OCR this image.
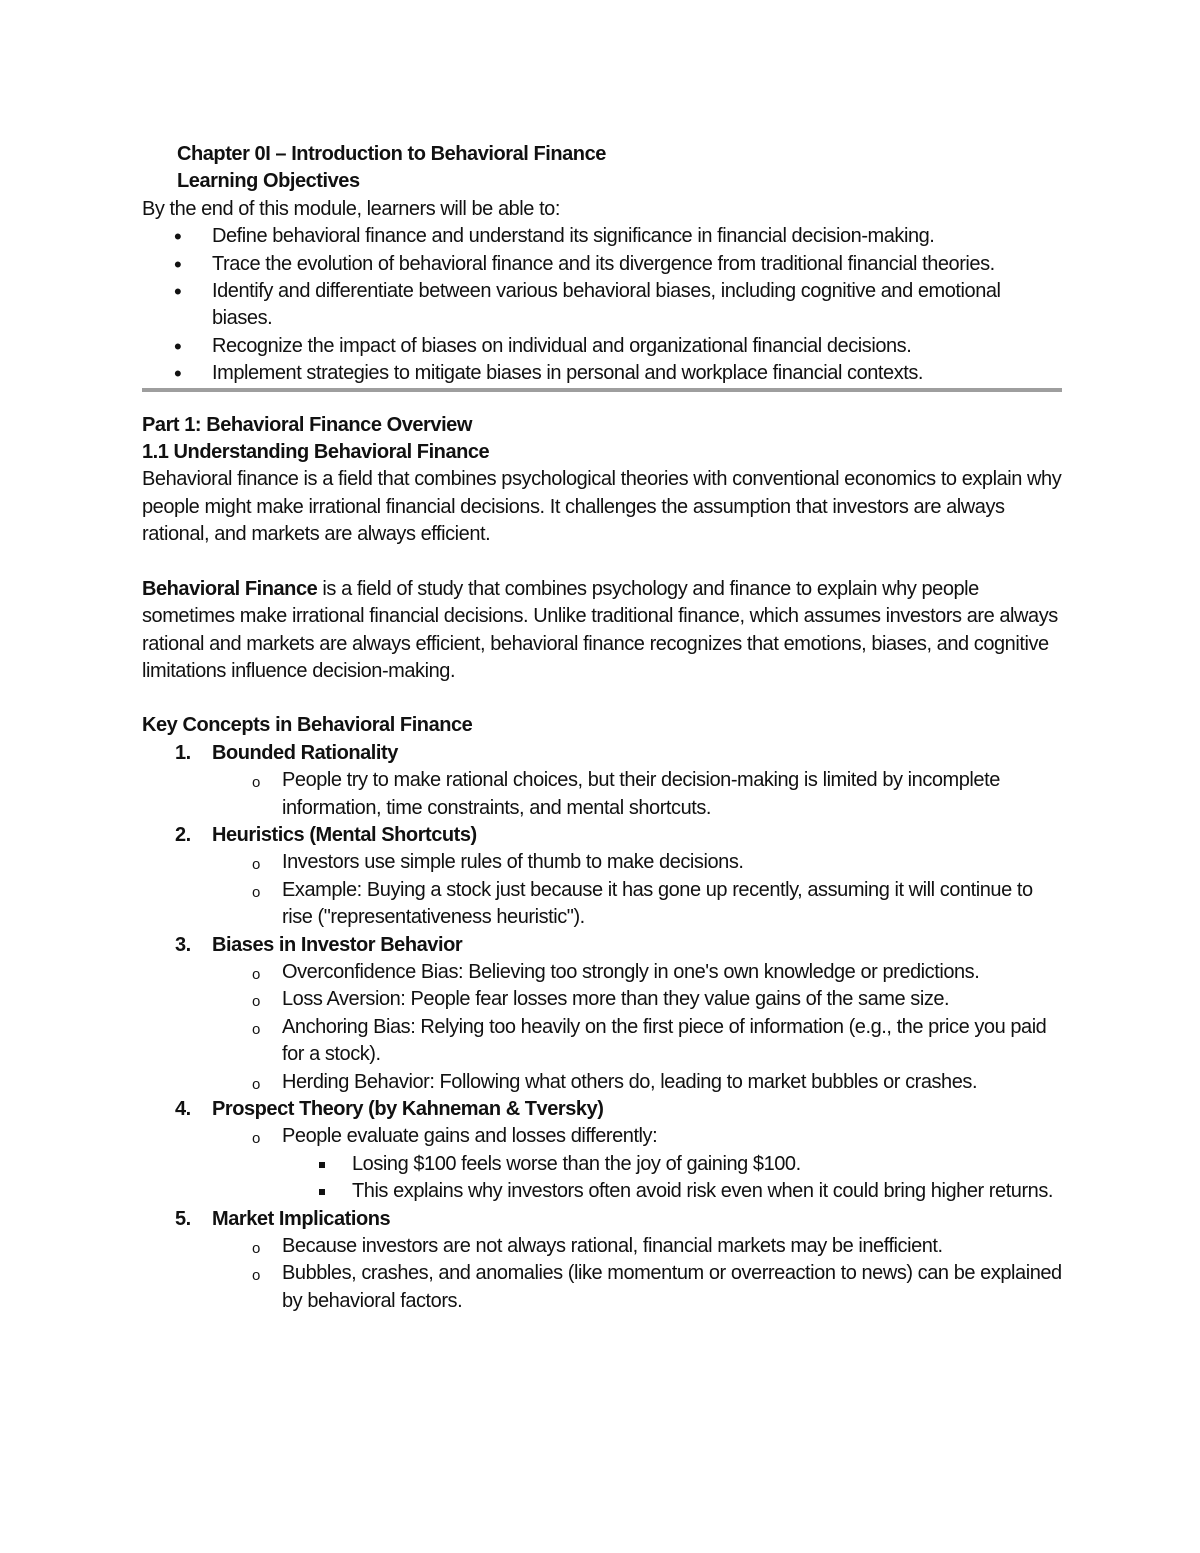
Chapter 0I – Introduction to Behavioral Finance
Learning Objectives
By the end of this module, learners will be able to:
• Define behavioral finance and understand its significance in financial decision-making.
• Trace the evolution of behavioral finance and its divergence from traditional financial theories.
• Identify and differentiate between various behavioral biases, including cognitive and emotional biases.
• Recognize the impact of biases on individual and organizational financial decisions.
• Implement strategies to mitigate biases in personal and workplace financial contexts.
Part 1: Behavioral Finance Overview
1.1 Understanding Behavioral Finance
Behavioral finance is a field that combines psychological theories with conventional economics to explain why people might make irrational financial decisions. It challenges the assumption that investors are always rational, and markets are always efficient.
Behavioral Finance is a field of study that combines psychology and finance to explain why people sometimes make irrational financial decisions. Unlike traditional finance, which assumes investors are always rational and markets are always efficient, behavioral finance recognizes that emotions, biases, and cognitive limitations influence decision-making.
Key Concepts in Behavioral Finance
1. Bounded Rationality
o People try to make rational choices, but their decision-making is limited by incomplete information, time constraints, and mental shortcuts.
2. Heuristics (Mental Shortcuts)
o Investors use simple rules of thumb to make decisions.
o Example: Buying a stock just because it has gone up recently, assuming it will continue to rise ("representativeness heuristic").
3. Biases in Investor Behavior
o Overconfidence Bias: Believing too strongly in one's own knowledge or predictions.
o Loss Aversion: People fear losses more than they value gains of the same size.
o Anchoring Bias: Relying too heavily on the first piece of information (e.g., the price you paid for a stock).
o Herding Behavior: Following what others do, leading to market bubbles or crashes.
4. Prospect Theory (by Kahneman & Tversky)
o People evaluate gains and losses differently:
Losing $100 feels worse than the joy of gaining $100.
This explains why investors often avoid risk even when it could bring higher returns.
5. Market Implications
o Because investors are not always rational, financial markets may be inefficient.
o Bubbles, crashes, and anomalies (like momentum or overreaction to news) can be explained by behavioral factors.
